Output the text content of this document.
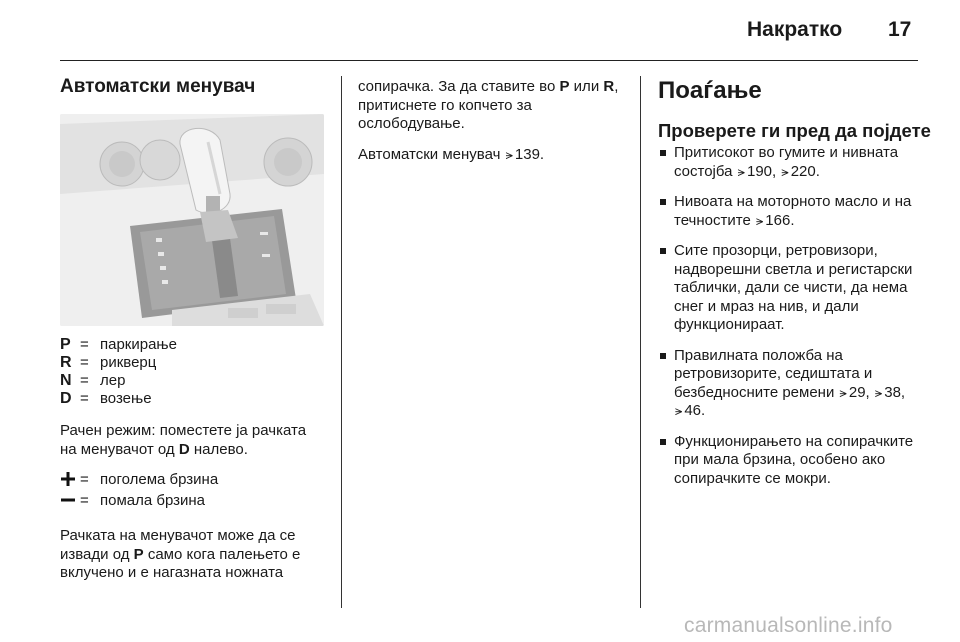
Накратко 17
Автоматски менувач
P = паркирање
R = рикверц
N = лер
D = возење
Рачен режим: поместете ја рачката на менувачот од D налево.
= поголема брзина
= помала брзина
Рачката на менувачот може да се извади од P само кога палењето е вклучено и е нагазната ножната
сопирачка. За да ставите во P или R, притиснете го копчето за ослободување.
Автоматски менувач ⪫ 139.
Поаѓање
Проверете ги пред да појдете
Притисокот во гумите и нивната состојба ⪫ 190, ⪫ 220.
Нивоата на моторното масло и на течностите ⪫ 166.
Сите прозорци, ретровизори, надворешни светла и регистарски таблички, дали се чисти, да нема снег и мраз на нив, и дали функционираат.
Правилната положба на ретровизорите, седиштата и безбедносните ремени ⪫ 29, ⪫ 38, ⪫ 46.
Функционирањето на сопирачките при мала брзина, особено ако сопирачките се мокри.
carmanualsonline.info
